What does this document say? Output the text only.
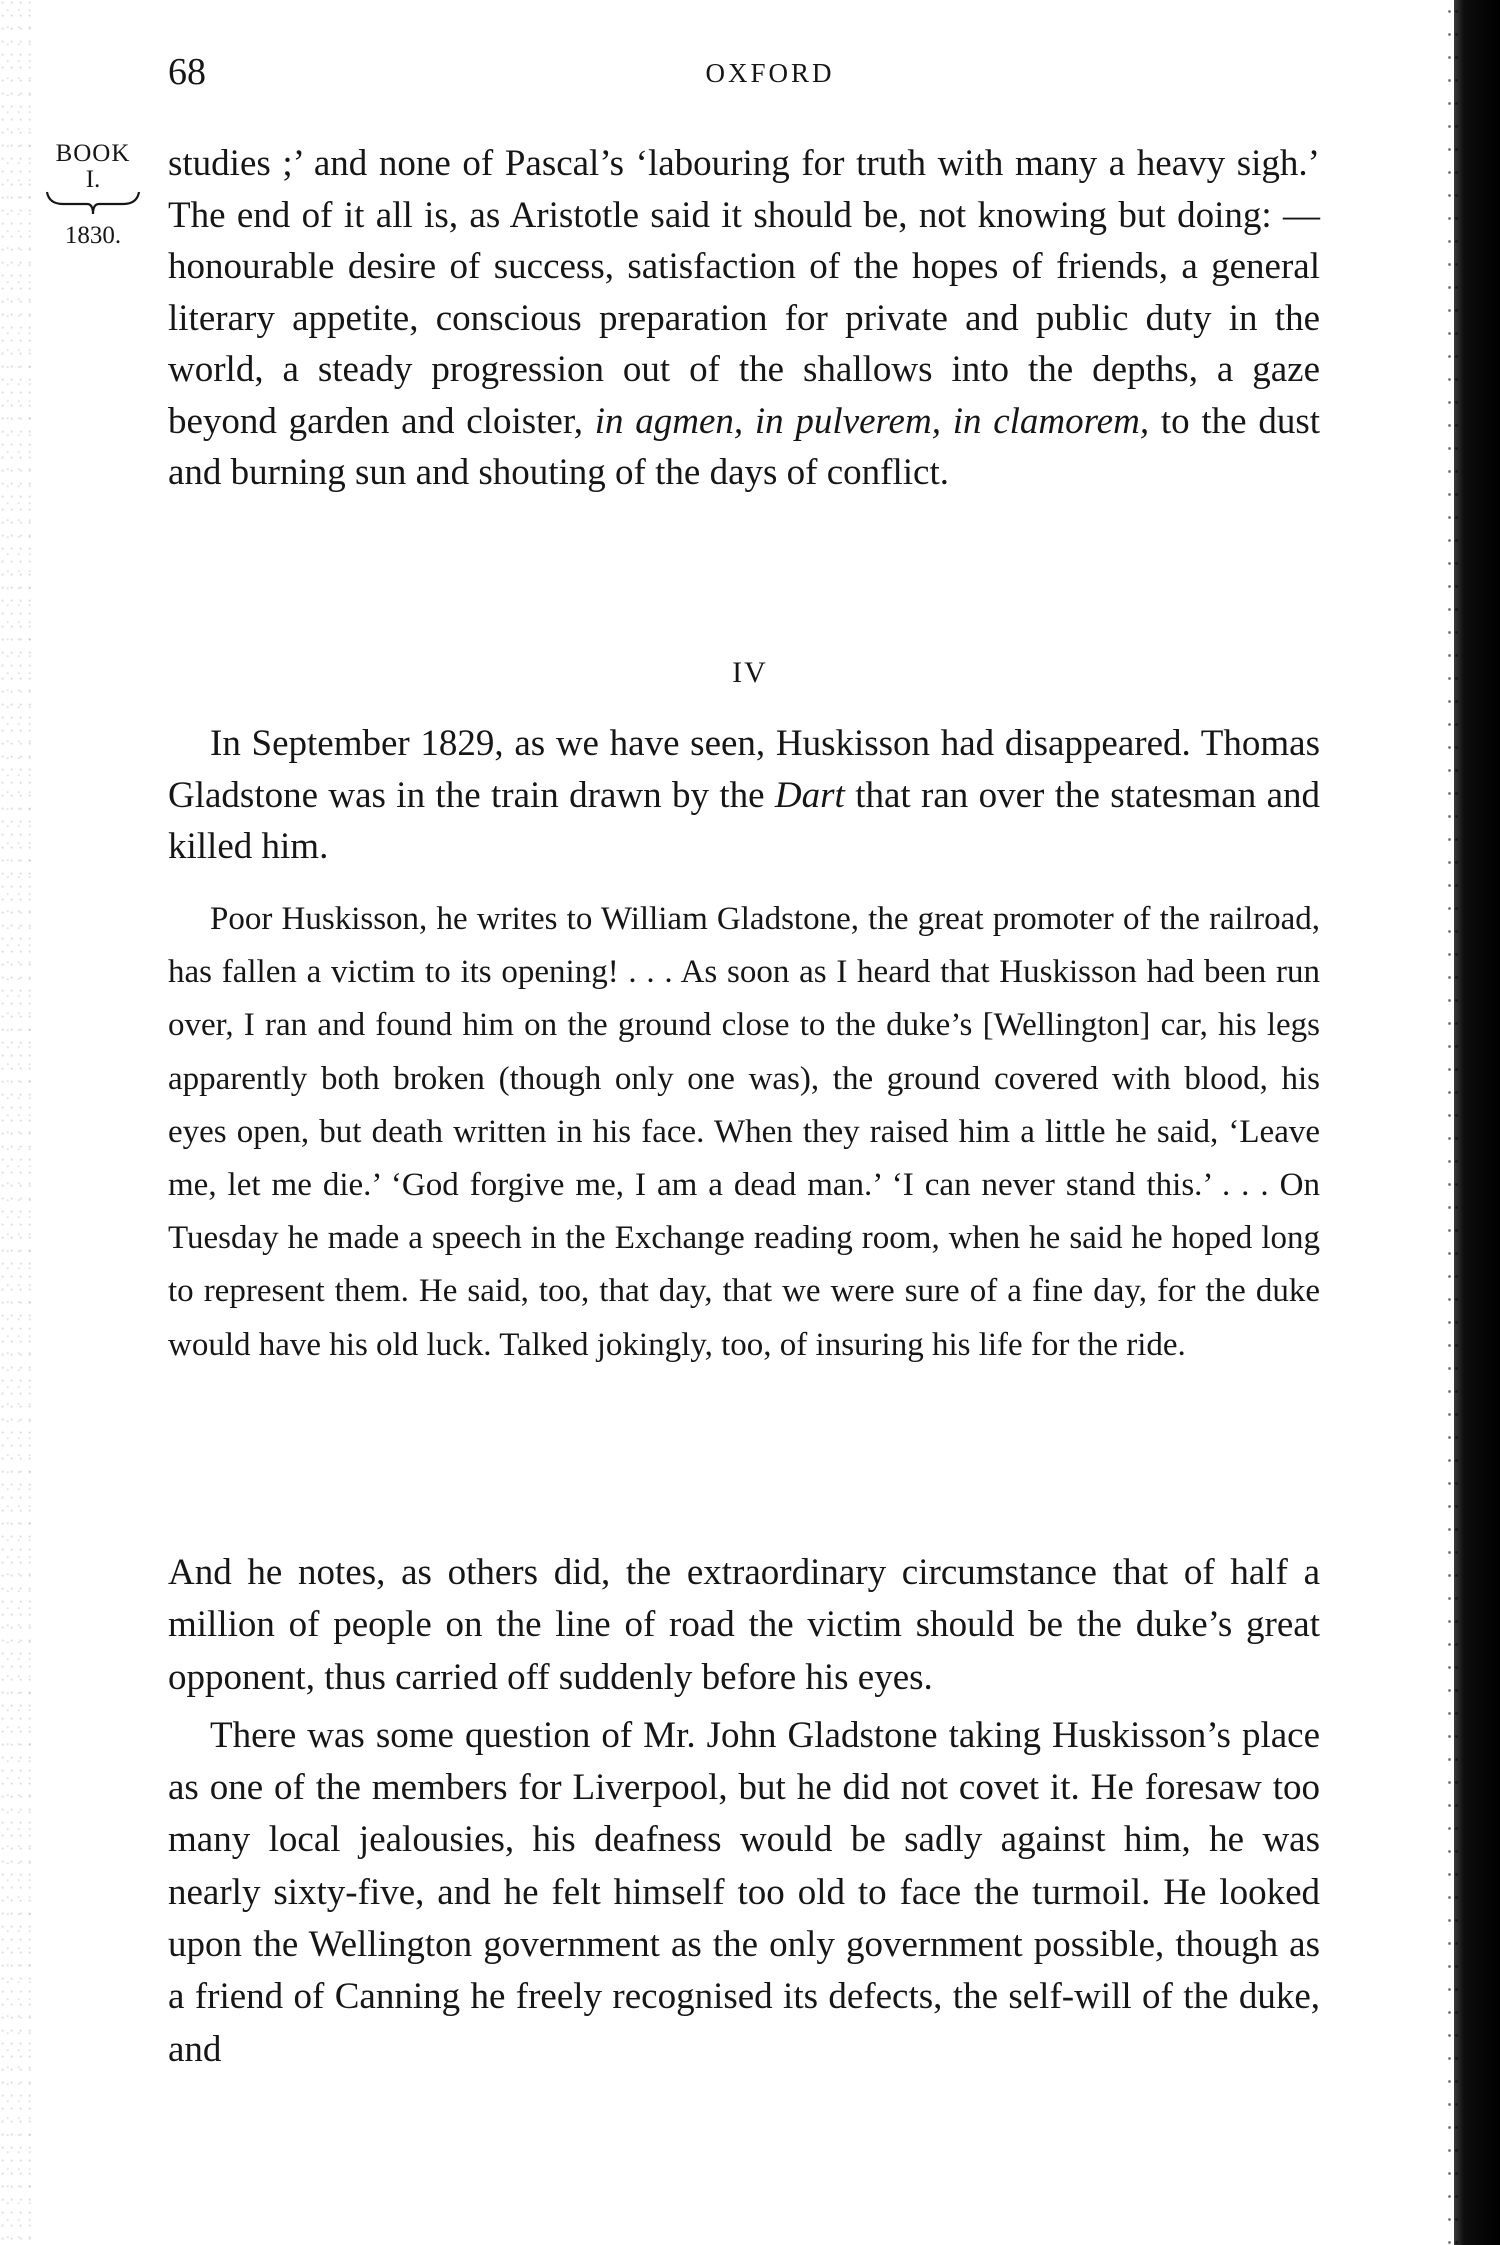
68	OXFORD
BOOK
I.
1830.

studies ;’ and none of Pascal’s ‘labouring for truth with many a heavy sigh.’ The end of it all is, as Aristotle said it should be, not knowing but doing: — honourable desire of success, satisfaction of the hopes of friends, a general literary appetite, conscious preparation for private and public duty in the world, a steady progression out of the shallows into the depths, a gaze beyond garden and cloister, in agmen, in pulverem, in clamorem, to the dust and burning sun and shouting of the days of conflict.

IV

In September 1829, as we have seen, Huskisson had disappeared. Thomas Gladstone was in the train drawn by the Dart that ran over the statesman and killed him.

Poor Huskisson, he writes to William Gladstone, the great promoter of the railroad, has fallen a victim to its opening! . . . As soon as I heard that Huskisson had been run over, I ran and found him on the ground close to the duke’s [Wellington] car, his legs apparently both broken (though only one was), the ground covered with blood, his eyes open, but death written in his face. When they raised him a little he said, ‘Leave me, let me die.’ ‘God forgive me, I am a dead man.’ ‘I can never stand this.’ . . . On Tuesday he made a speech in the Exchange reading room, when he said he hoped long to represent them. He said, too, that day, that we were sure of a fine day, for the duke would have his old luck. Talked jokingly, too, of insuring his life for the ride.

And he notes, as others did, the extraordinary circumstance that of half a million of people on the line of road the victim should be the duke’s great opponent, thus carried off suddenly before his eyes.

There was some question of Mr. John Gladstone taking Huskisson’s place as one of the members for Liverpool, but he did not covet it. He foresaw too many local jealousies, his deafness would be sadly against him, he was nearly sixty-five, and he felt himself too old to face the turmoil. He looked upon the Wellington government as the only government possible, though as a friend of Canning he freely recognised its defects, the self-will of the duke, and
